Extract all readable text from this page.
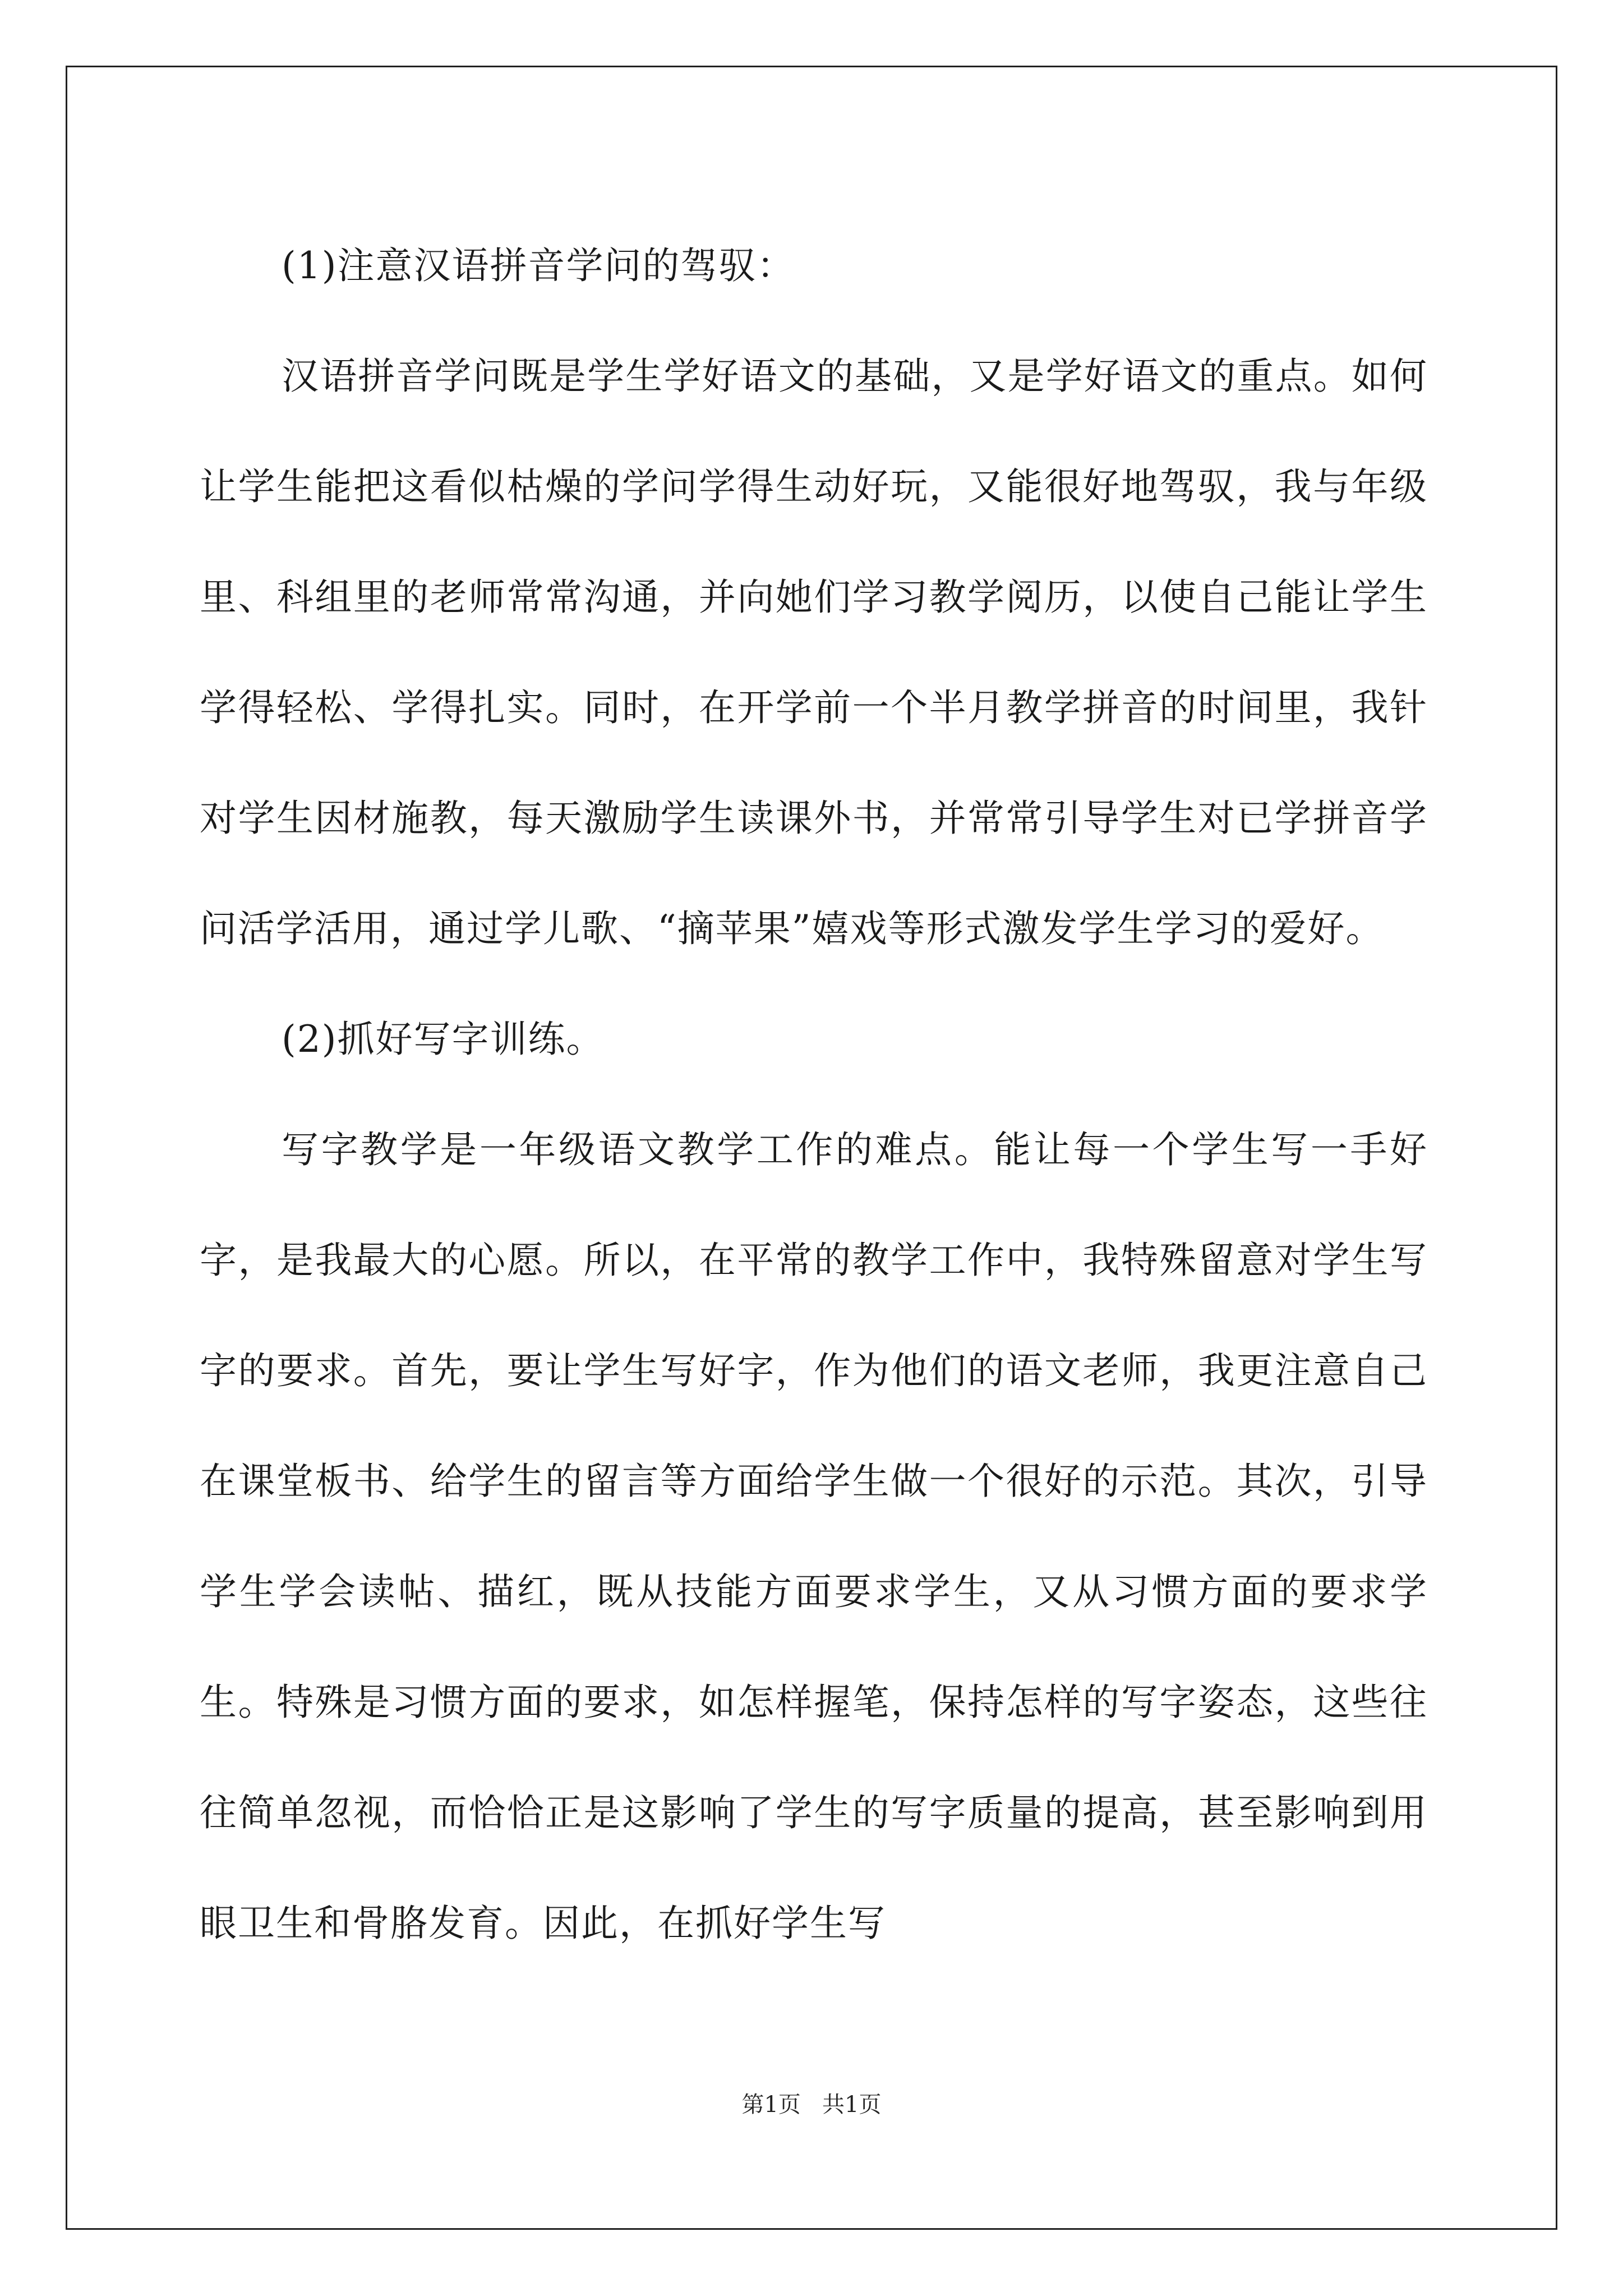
(1)注意汉语拼音学问的驾驭：

汉语拼音学问既是学生学好语文的基础，又是学好语文的重点。如何让学生能把这看似枯燥的学问学得生动好玩，又能很好地驾驭，我与年级里、科组里的老师常常沟通，并向她们学习教学阅历，以使自己能让学生学得轻松、学得扎实。同时，在开学前一个半月教学拼音的时间里，我针对学生因材施教，每天激励学生读课外书，并常常引导学生对已学拼音学问活学活用，通过学儿歌、“摘苹果”嬉戏等形式激发学生学习的爱好。

(2)抓好写字训练。

写字教学是一年级语文教学工作的难点。能让每一个学生写一手好字，是我最大的心愿。所以，在平常的教学工作中，我特殊留意对学生写字的要求。首先，要让学生写好字，作为他们的语文老师，我更注意自己在课堂板书、给学生的留言等方面给学生做一个很好的示范。其次，引导学生学会读帖、描红，既从技能方面要求学生，又从习惯方面的要求学生。特殊是习惯方面的要求，如怎样握笔，保持怎样的写字姿态，这些往往简单忽视，而恰恰正是这影响了学生的写字质量的提高，甚至影响到用眼卫生和骨胳发育。因此，在抓好学生写

第1页   共1页
